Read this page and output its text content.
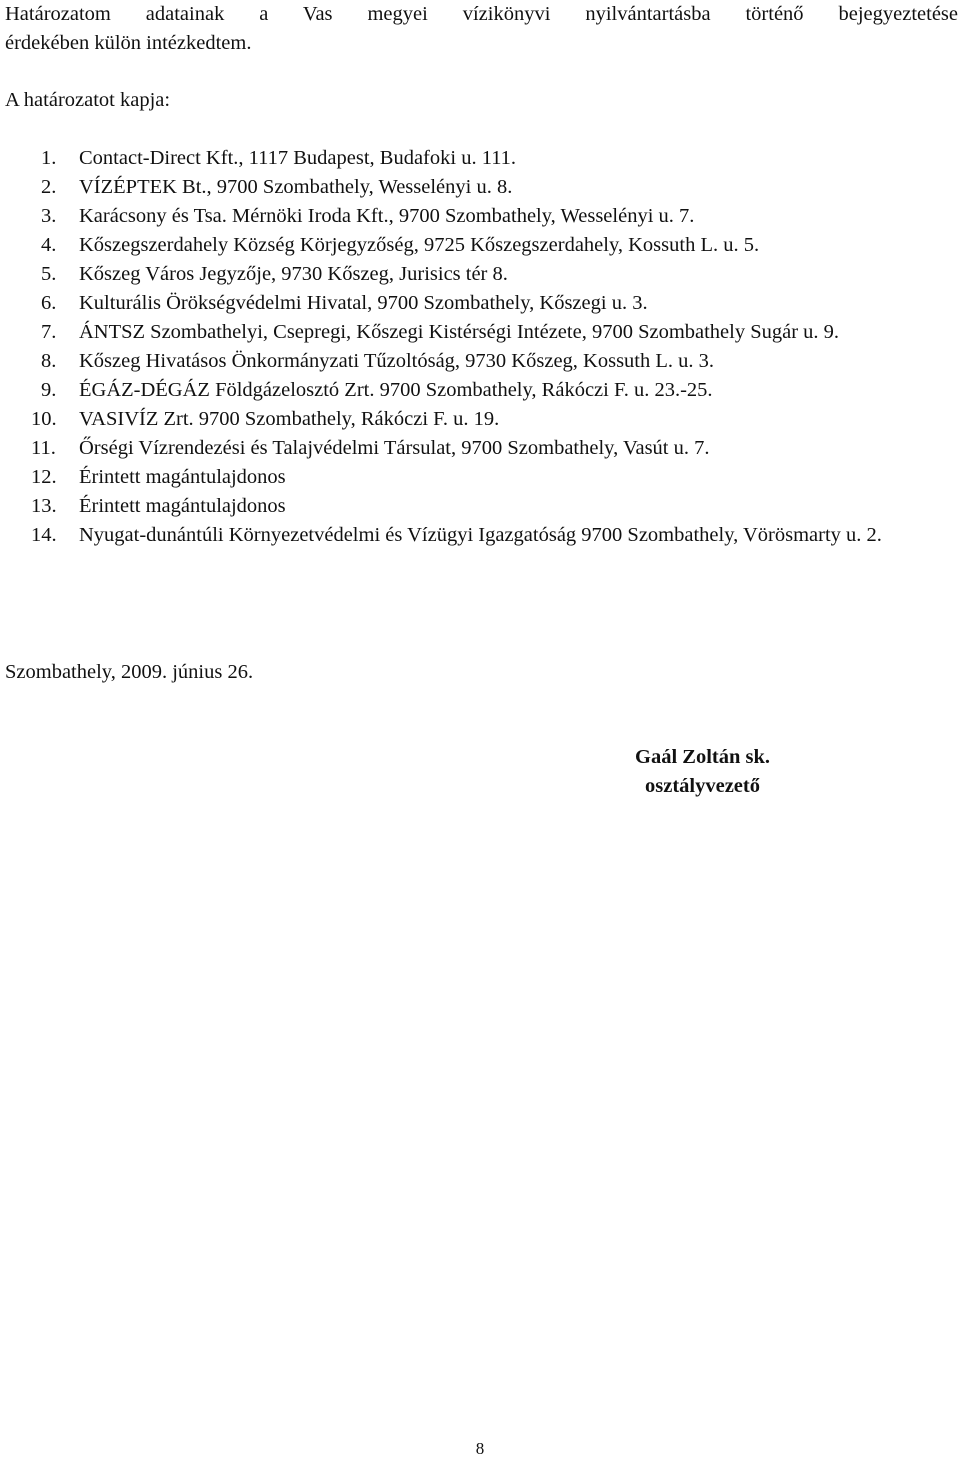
Határozatom adatainak a Vas megyei vízikönyvi nyilvántartásba történő bejegyeztetése
érdekében külön intézkedtem.
A határozatot kapja:
1. Contact-Direct Kft., 1117 Budapest, Budafoki u. 111.
2. VÍZÉPTEK Bt., 9700 Szombathely, Wesselényi u. 8.
3. Karácsony és Tsa. Mérnöki Iroda Kft., 9700 Szombathely, Wesselényi u. 7.
4. Kőszegszerdahely Község Körjegyzőség, 9725 Kőszegszerdahely, Kossuth L. u. 5.
5. Kőszeg Város Jegyzője, 9730 Kőszeg, Jurisics tér 8.
6. Kulturális Örökségvédelmi Hivatal, 9700 Szombathely, Kőszegi u. 3.
7. ÁNTSZ Szombathelyi, Csepregi, Kőszegi Kistérségi Intézete, 9700 Szombathely Sugár u. 9.
8. Kőszeg Hivatásos Önkormányzati Tűzoltóság, 9730 Kőszeg, Kossuth L. u. 3.
9. ÉGÁZ-DÉGÁZ Földgázelosztó Zrt. 9700 Szombathely, Rákóczi F. u. 23.-25.
10. VASIVÍZ Zrt. 9700 Szombathely, Rákóczi F. u. 19.
11. Őrségi Vízrendezési és Talajvédelmi Társulat, 9700 Szombathely, Vasút u. 7.
12. Érintett magántulajdonos
13. Érintett magántulajdonos
14. Nyugat-dunántúli Környezetvédelmi és Vízügyi Igazgatóság 9700 Szombathely, Vörösmarty u. 2.
Szombathely, 2009. június 26.
Gaál Zoltán sk.
osztályvezető
8
